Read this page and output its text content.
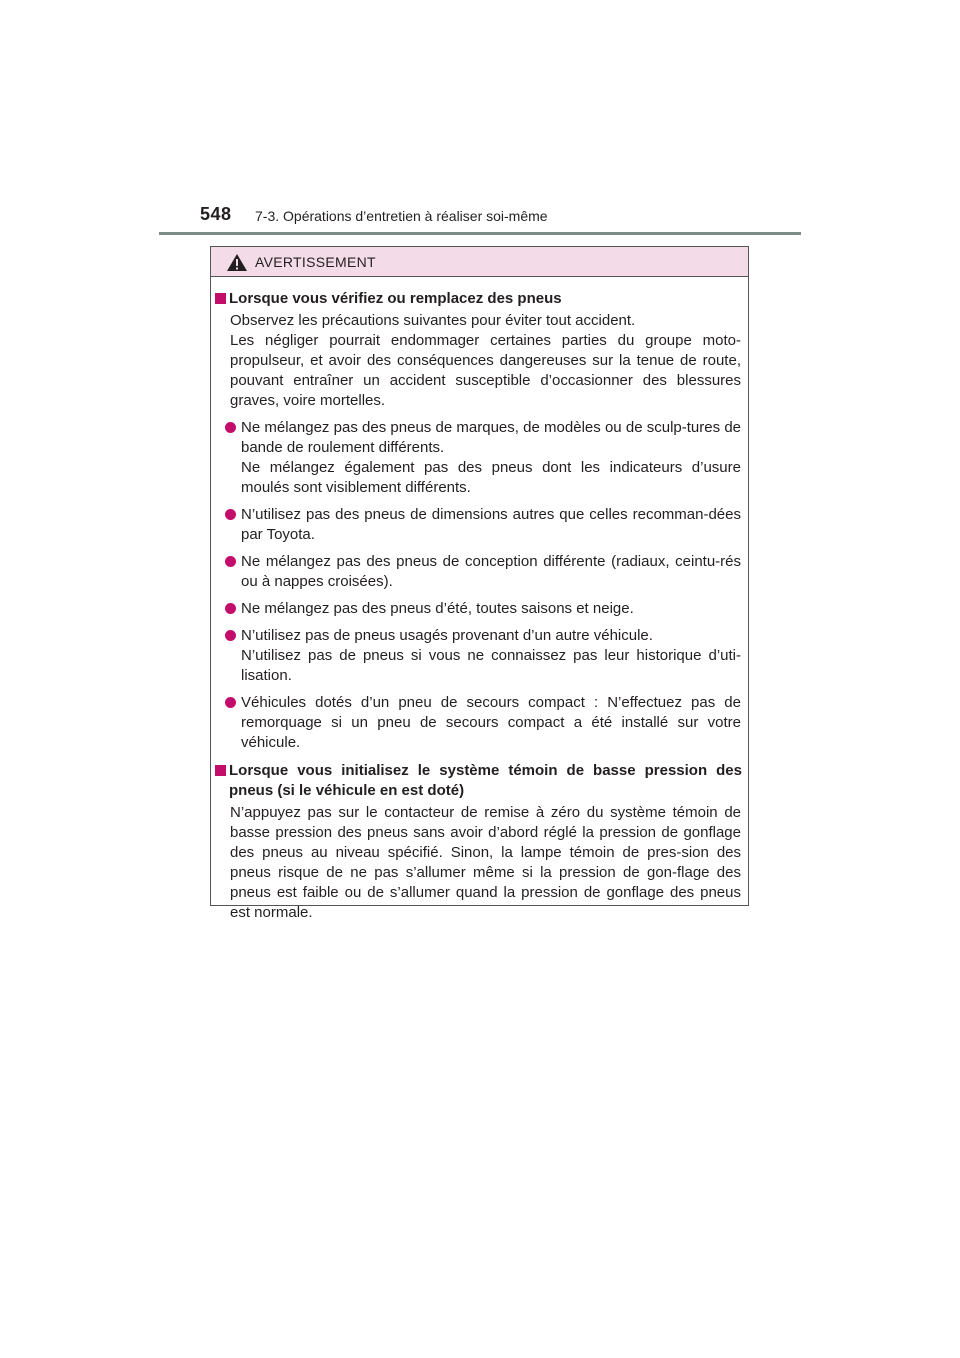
548 7-3. Opérations d’entretien à réaliser soi-même
AVERTISSEMENT
Lorsque vous vérifiez ou remplacez des pneus
Observez les précautions suivantes pour éviter tout accident.
Les négliger pourrait endommager certaines parties du groupe moto-propulseur, et avoir des conséquences dangereuses sur la tenue de route, pouvant entraîner un accident susceptible d’occasionner des blessures graves, voire mortelles.
Ne mélangez pas des pneus de marques, de modèles ou de sculp-tures de bande de roulement différents.
Ne mélangez également pas des pneus dont les indicateurs d’usure moulés sont visiblement différents.
N’utilisez pas des pneus de dimensions autres que celles recomman-dées par Toyota.
Ne mélangez pas des pneus de conception différente (radiaux, ceintu-rés ou à nappes croisées).
Ne mélangez pas des pneus d’été, toutes saisons et neige.
N’utilisez pas de pneus usagés provenant d’un autre véhicule.
N’utilisez pas de pneus si vous ne connaissez pas leur historique d’uti-lisation.
Véhicules dotés d’un pneu de secours compact : N’effectuez pas de remorquage si un pneu de secours compact a été installé sur votre véhicule.
Lorsque vous initialisez le système témoin de basse pression des pneus (si le véhicule en est doté)
N’appuyez pas sur le contacteur de remise à zéro du système témoin de basse pression des pneus sans avoir d’abord réglé la pression de gonflage des pneus au niveau spécifié. Sinon, la lampe témoin de pres-sion des pneus risque de ne pas s’allumer même si la pression de gon-flage des pneus est faible ou de s’allumer quand la pression de gonflage des pneus est normale.
